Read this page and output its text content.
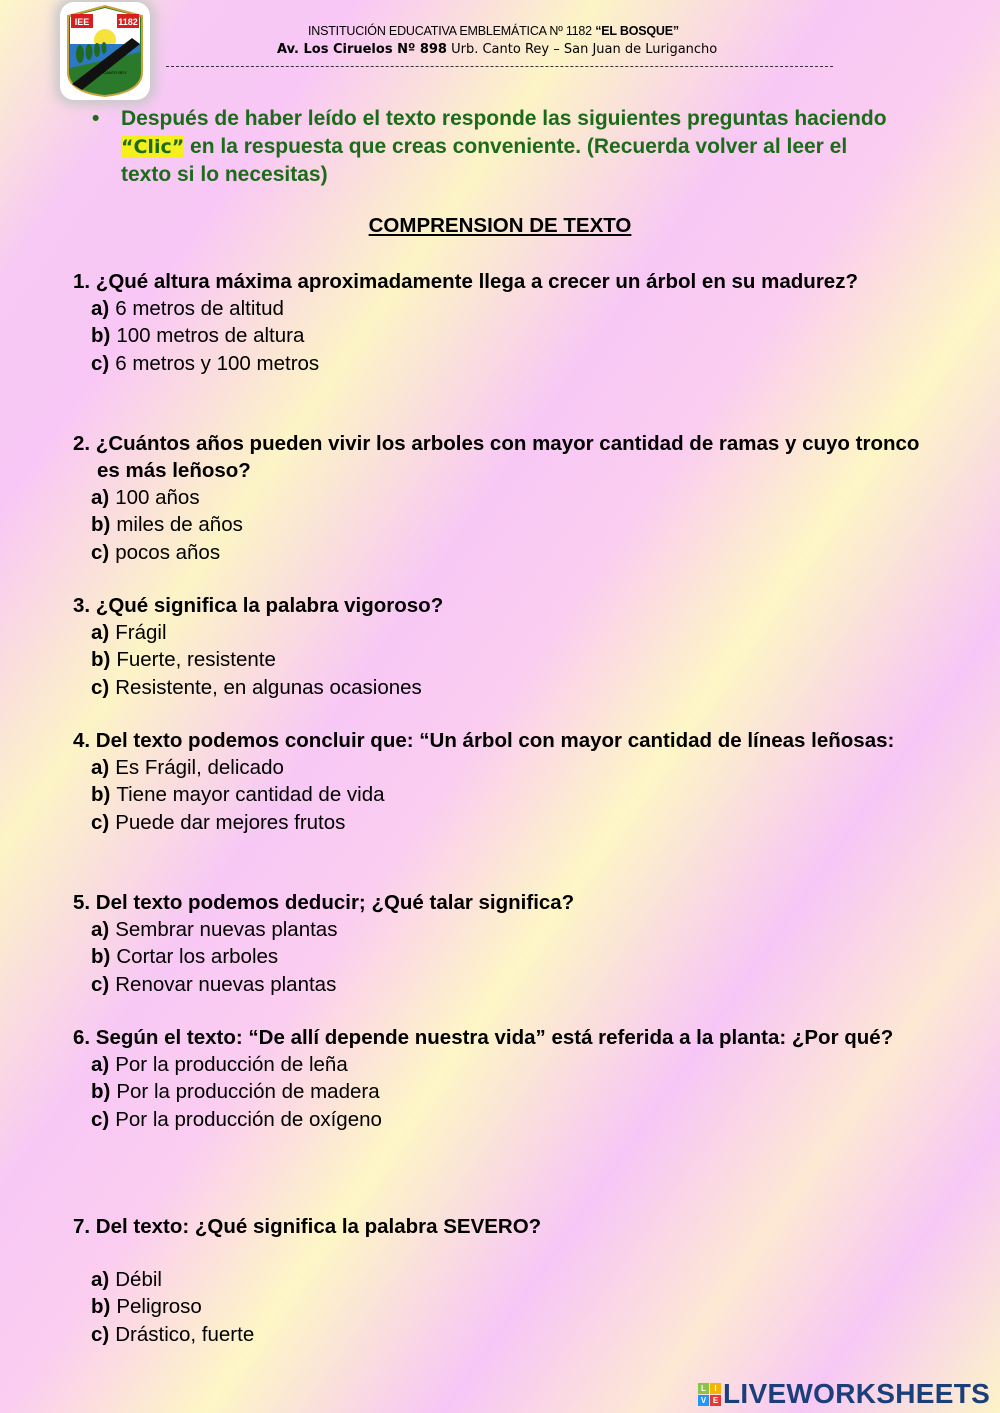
IEE	1182
CANTO REY
INSTITUCIÓN EDUCATIVA EMBLEMÁTICA Nº 1182 “EL BOSQUE”
Av. Los Ciruelos Nº 898 Urb. Canto Rey – San Juan de Lurigancho
• Después de haber leído el texto responde las siguientes preguntas haciendo “Clic” en la respuesta que creas conveniente. (Recuerda volver al leer el texto si lo necesitas)
COMPRENSION DE TEXTO
1. ¿Qué altura máxima aproximadamente llega a crecer un árbol en su madurez?
a) 6 metros de altitud
b) 100 metros de altura
c) 6 metros y 100 metros
2. ¿Cuántos años pueden vivir los arboles con mayor cantidad de ramas y cuyo tronco es más leñoso?
a) 100 años
b) miles de años
c) pocos años
3. ¿Qué significa la palabra vigoroso?
a) Frágil
b) Fuerte, resistente
c) Resistente, en algunas ocasiones
4. Del texto podemos concluir que: “Un árbol con mayor cantidad de líneas leñosas:
a) Es Frágil, delicado
b) Tiene mayor cantidad de vida
c) Puede dar mejores frutos
5. Del texto podemos deducir; ¿Qué talar significa?
a) Sembrar nuevas plantas
b) Cortar los arboles
c) Renovar nuevas plantas
6. Según el texto: “De allí depende nuestra vida” está referida a la planta: ¿Por qué?
a) Por la producción de leña
b) Por la producción de madera
c) Por la producción de oxígeno
7. Del texto: ¿Qué significa la palabra SEVERO?
a) Débil
b) Peligroso
c) Drástico, fuerte
L	I
V E LIVEWORKSHEETS
